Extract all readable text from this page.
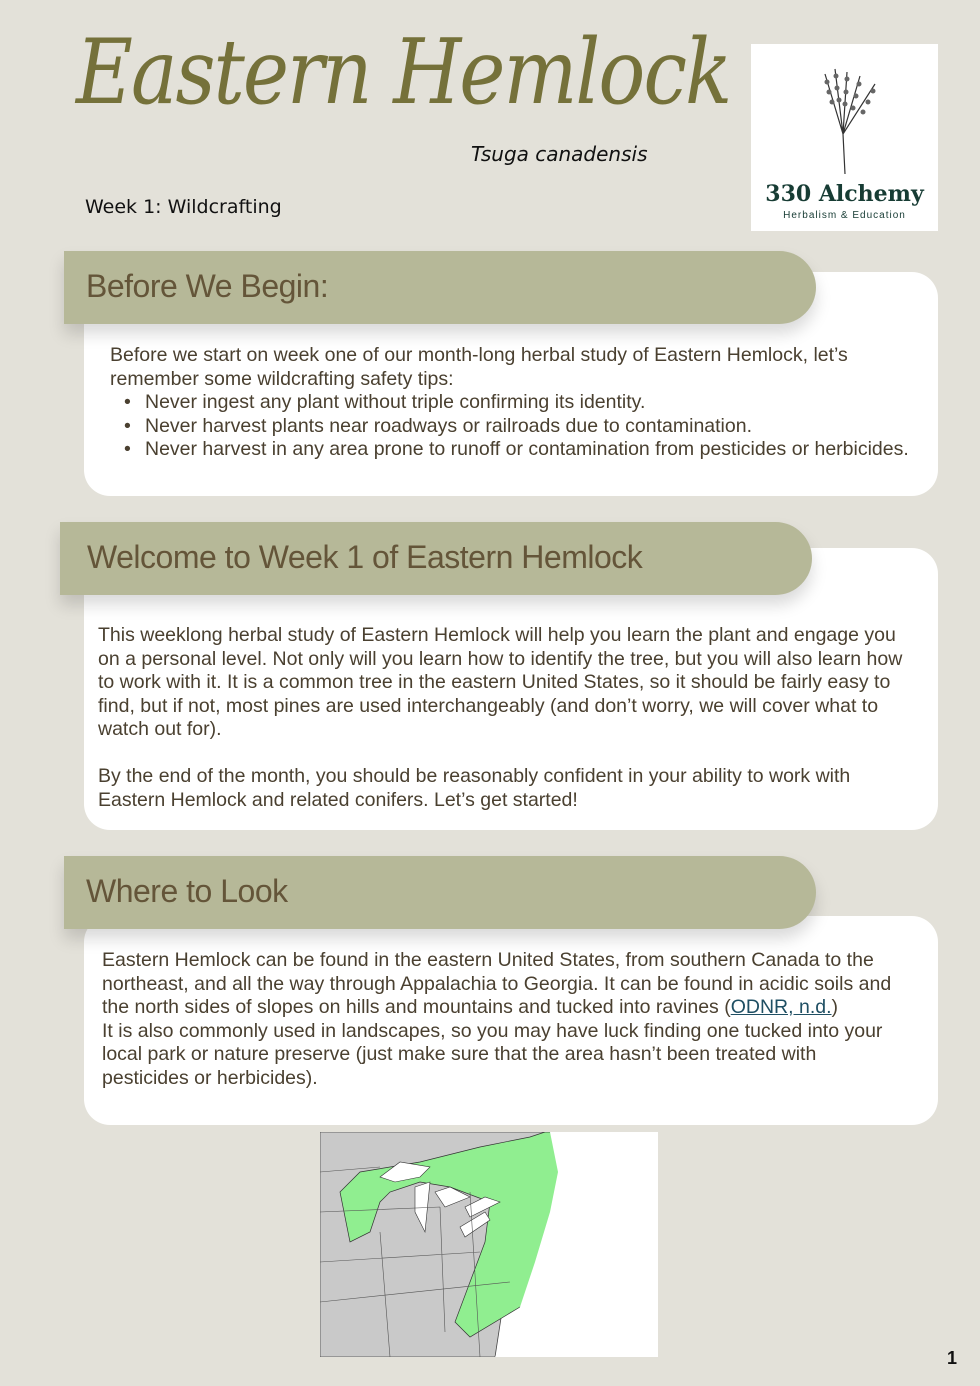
Eastern Hemlock
Tsuga canadensis
Week 1: Wildcrafting	330 Alchemy
Herbalism & Education
Before We Begin:

Before we start on week one of our month-long herbal study of Eastern Hemlock, let’s remember some wildcrafting safety tips:

• Never ingest any plant without triple confirming its identity.
• Never harvest plants near roadways or railroads due to contamination.
• Never harvest in any area prone to runoff or contamination from pesticides or herbicides.
Welcome to Week 1 of Eastern Hemlock

This weeklong herbal study of Eastern Hemlock will help you learn the plant and engage you on a personal level. Not only will you learn how to identify the tree, but you will also learn how to work with it. It is a common tree in the eastern United States, so it should be fairly easy to find, but if not, most pines are used interchangeably (and don’t worry, we will cover what to watch out for).

By the end of the month, you should be reasonably confident in your ability to work with Eastern Hemlock and related conifers. Let’s get started!

Where to Look

Eastern Hemlock can be found in the eastern United States, from southern Canada to the northeast, and all the way through Appalachia to Georgia. It can be found in acidic soils and the north sides of slopes on hills and mountains and tucked into ravines (ODNR, n.d.)

It is also commonly used in landscapes, so you may have luck finding one tucked into your local park or nature preserve (just make sure that the area hasn’t been treated with pesticides or herbicides).

1
